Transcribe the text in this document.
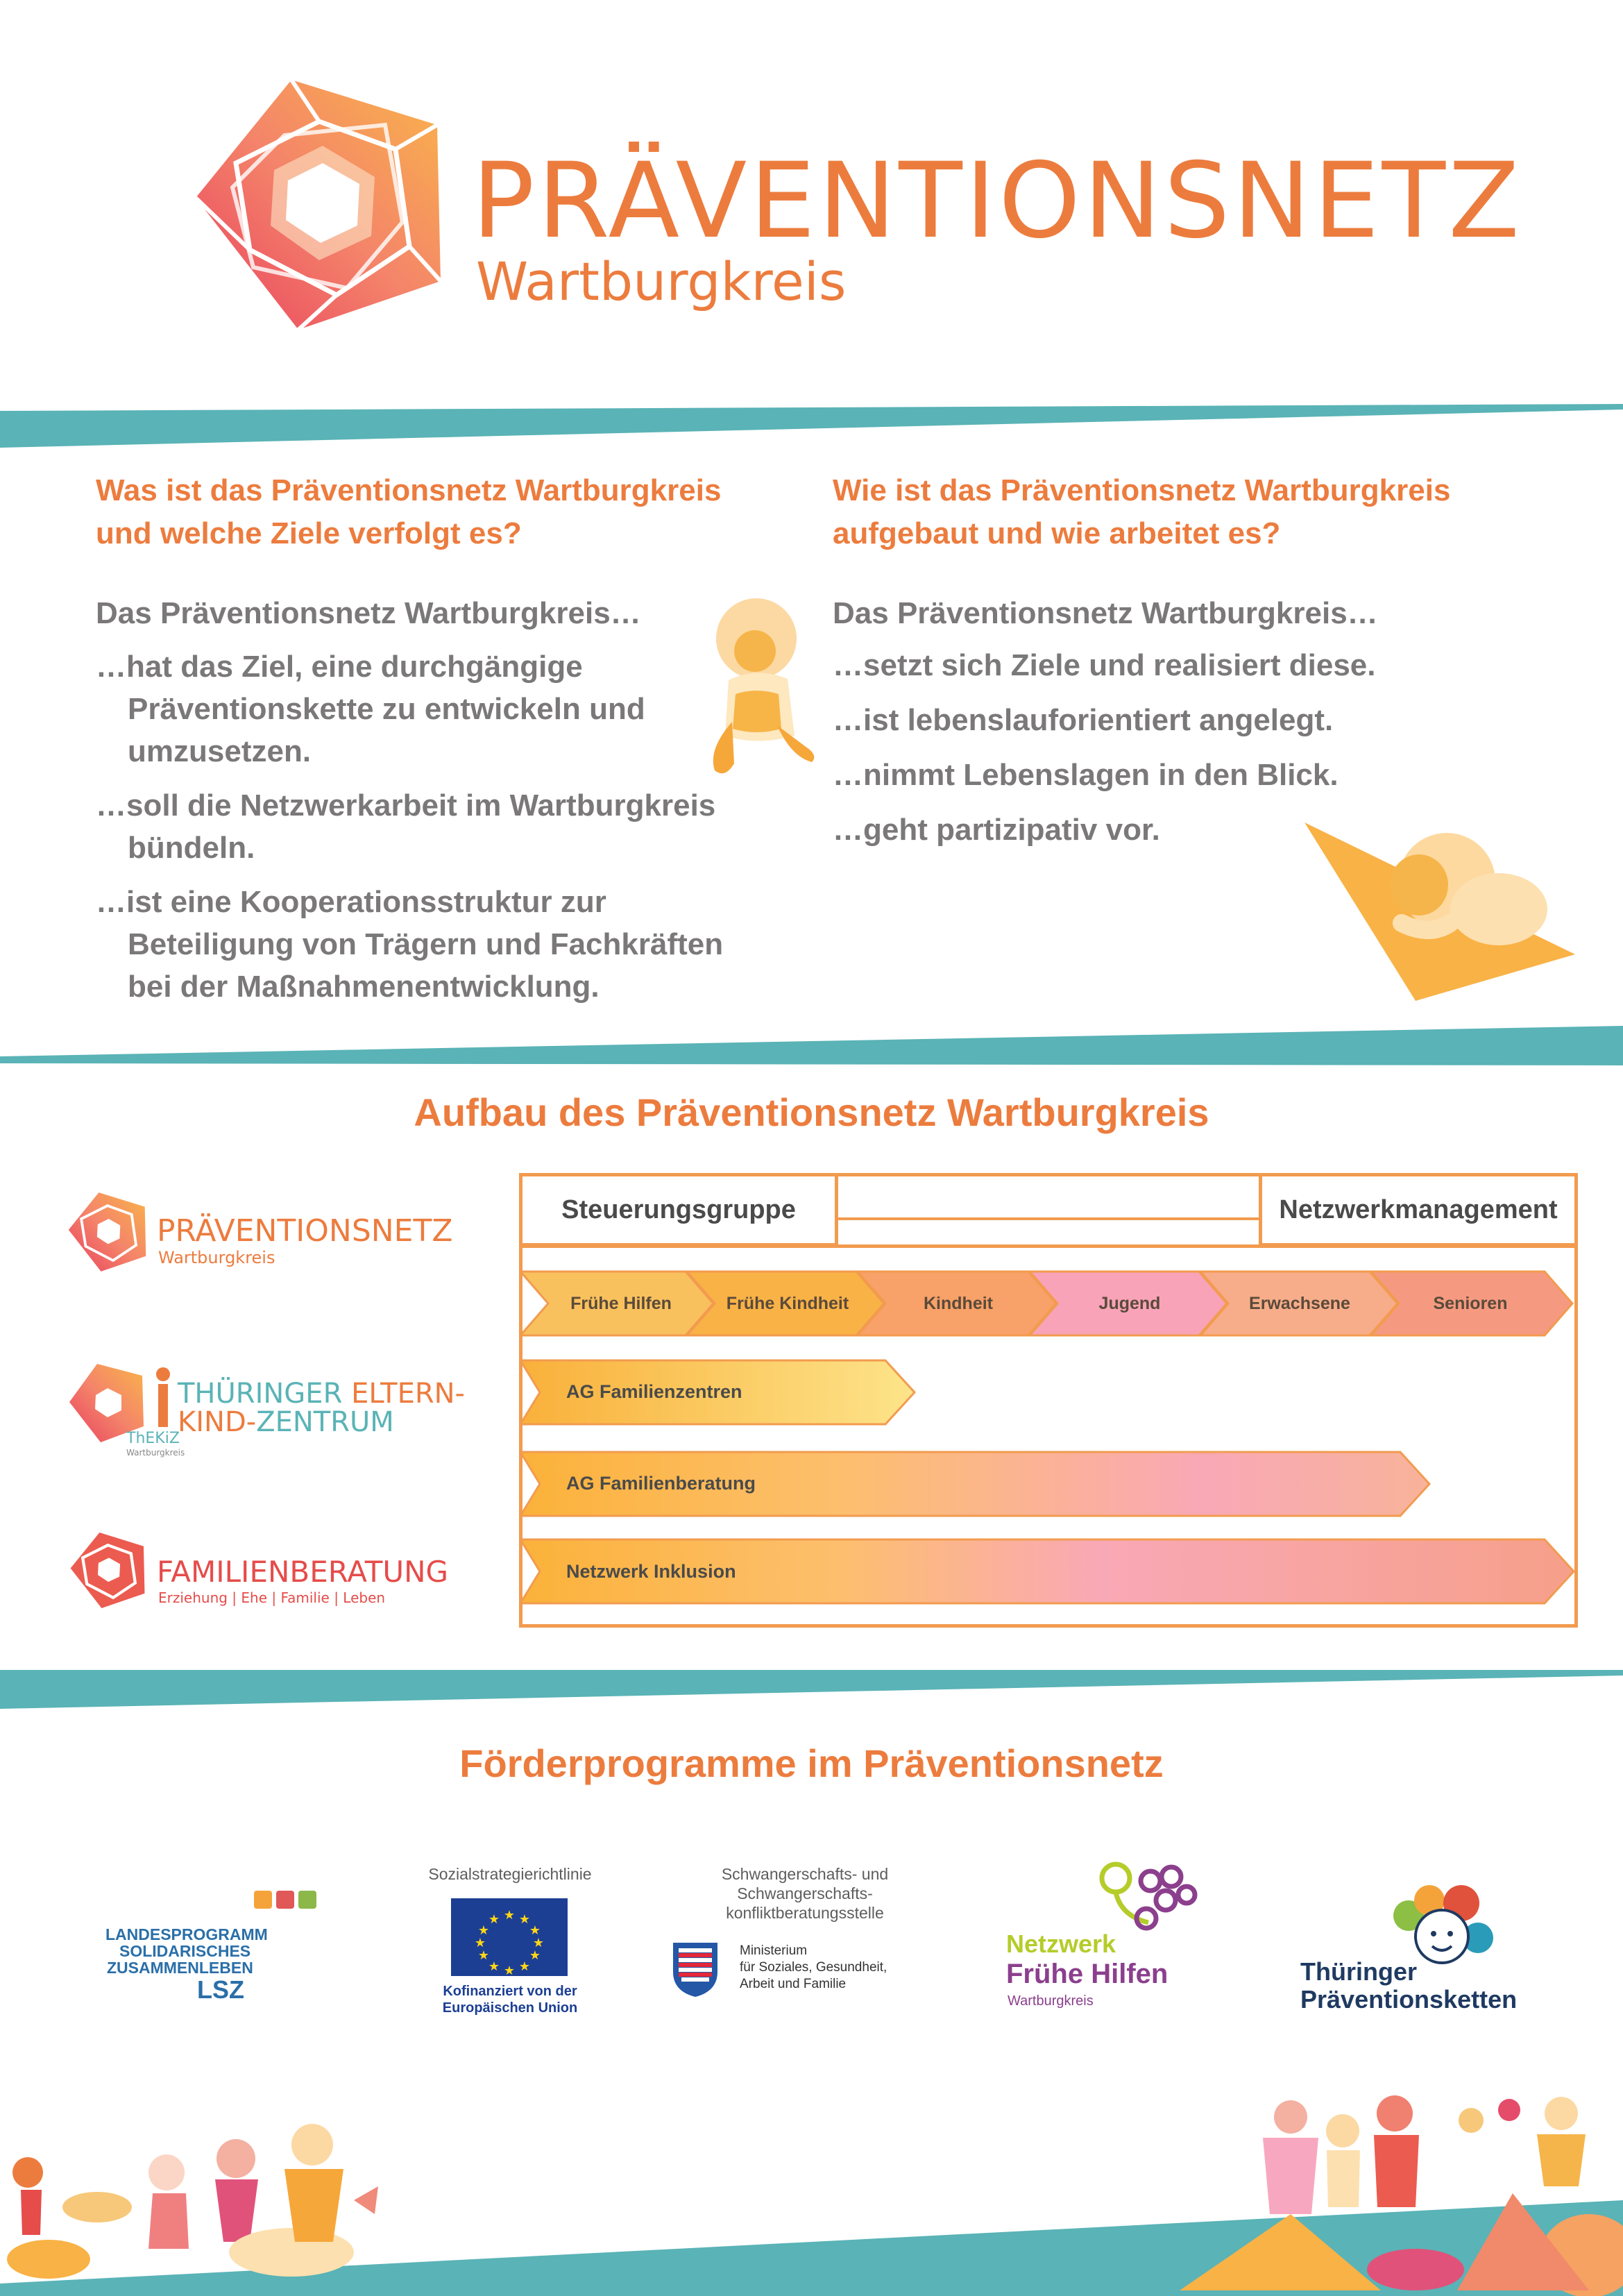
PRÄVENTIONSNETZ
Wartburgkreis
Was ist das Präventionsnetz Wartburgkreis
und welche Ziele verfolgt es?
Das Präventionsnetz Wartburgkreis…
…hat das Ziel, eine durchgängige Präventionskette zu entwickeln und umzusetzen.
…soll die Netzwerkarbeit im Wartburgkreis bündeln.
…ist eine Kooperationsstruktur zur Beteiligung von Trägern und Fachkräften bei der Maßnahmenentwicklung.
Wie ist das Präventionsnetz Wartburgkreis
aufgebaut und wie arbeitet es?
Das Präventionsnetz Wartburgkreis…
…setzt sich Ziele und realisiert diese.
…ist lebenslauforientiert angelegt.
…nimmt Lebenslagen in den Blick.
…geht partizipativ vor.
Aufbau des Präventionsnetz Wartburgkreis
Steuerungsgruppe	Netzwerkmanagement
Frühe Hilfen	Frühe Kindheit	Kindheit	Jugend	Erwachsene	Senioren
AG Familienzentren
AG Familienberatung
Netzwerk Inklusion
PRÄVENTIONSNETZ
Wartburgkreis
THÜRINGER ELTERN-
KIND-ZENTRUM
ThEKiZ
Wartburgkreis
FAMILIENBERATUNG
Erziehung | Ehe | Familie | Leben
Förderprogramme im Präventionsnetz
LANDESPROGRAMM
SOLIDARISCHES
ZUSAMMENLEBEN
LSZ
Sozialstrategierichtlinie
★ ★
★
★
★
★
★
★
★
★
★
★
Kofinanziert von der
Europäischen Union
Schwangerschafts- und
Schwangerschafts-
konfliktberatungsstelle
Ministerium
für Soziales, Gesundheit,
Arbeit und Familie
Netzwerk
Frühe Hilfen
Wartburgkreis
Thüringer
Präventionsketten
